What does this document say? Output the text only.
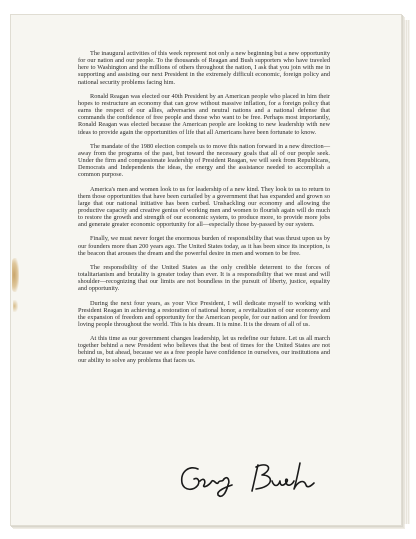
The inaugural activities of this week represent not only a new beginning but a new opportunity for our nation and our people. To the thousands of Reagan and Bush supporters who have traveled here to Washington and the millions of others throughout the nation, I ask that you join with me in supporting and assisting our next President in the extremely difficult economic, foreign policy and national security problems facing him.

Ronald Reagan was elected our 40th President by an American people who placed in him their hopes to restructure an economy that can grow without massive inflation, for a foreign policy that earns the respect of our allies, adversaries and neutral nations and a national defense that commands the confidence of free people and those who want to be free. Perhaps most importantly, Ronald Reagan was elected because the American people are looking to new leadership with new ideas to provide again the opportunities of life that all Americans have been fortunate to know.

The mandate of the 1980 election compels us to move this nation forward in a new direction—away from the programs of the past, but toward the necessary goals that all of our people seek. Under the firm and compassionate leadership of President Reagan, we will seek from Republicans, Democrats and Independents the ideas, the energy and the assistance needed to accomplish a common purpose.

America's men and women look to us for leadership of a new kind. They look to us to return to them those opportunities that have been curtailed by a government that has expanded and grown so large that our national initiative has been curbed. Unshackling our economy and allowing the productive capacity and creative genius of working men and women to flourish again will do much to restore the growth and strength of our economic system, to produce more, to provide more jobs and generate greater economic opportunity for all—especially those by-passed by our system.

Finally, we must never forget the enormous burden of responsibility that was thrust upon us by our founders more than 200 years ago. The United States today, as it has been since its inception, is the beacon that arouses the dream and the powerful desire in men and women to be free.

The responsibility of the United States as the only credible deterrent to the forces of totalitarianism and brutality is greater today than ever. It is a responsibility that we must and will shoulder—recognizing that our limits are not boundless in the pursuit of liberty, justice, equality and opportunity.

During the next four years, as your Vice President, I will dedicate myself to working with President Reagan in achieving a restoration of national honor, a revitalization of our economy and the expansion of freedom and opportunity for the American people, for our nation and for freedom loving people throughout the world. This is his dream. It is mine. It is the dream of all of us.

At this time as our government changes leadership, let us redefine our future. Let us all march together behind a new President who believes that the best of times for the United States are not behind us, but ahead, because we as a free people have confidence in ourselves, our institutions and our ability to solve any problems that faces us.
